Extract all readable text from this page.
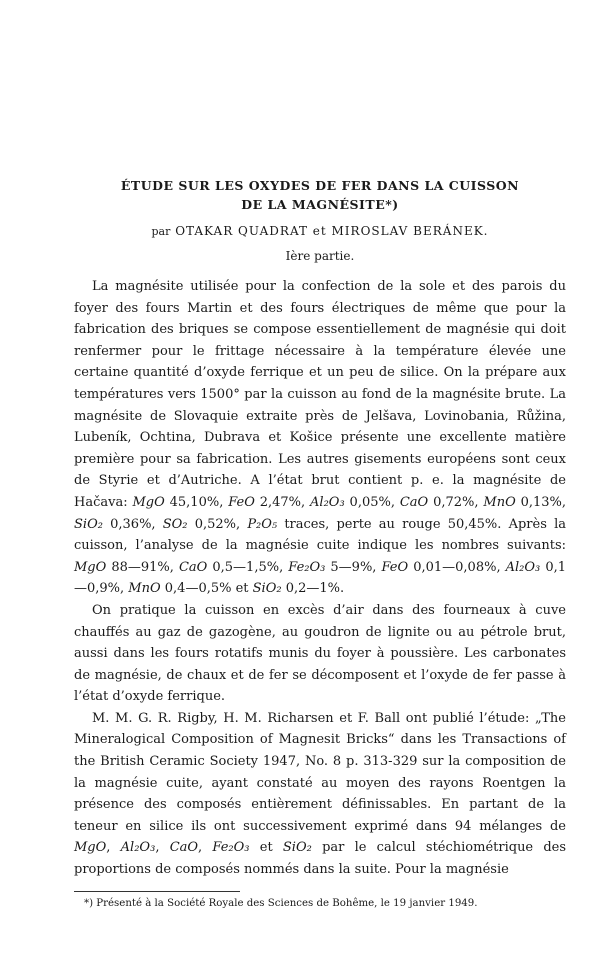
ÉTUDE SUR LES OXYDES DE FER DANS LA CUISSON
DE LA MAGNÉSITE*)
par OTAKAR QUADRAT et MIROSLAV BERÁNEK.
Ière partie.

La magnésite utilisée pour la confection de la sole et des parois du foyer des fours Martin et des fours électriques de même que pour la fabrication des briques se compose essentiellement de magnésie qui doit renfermer pour le frittage nécessaire à la température élevée une certaine quantité d’oxyde ferrique et un peu de silice. On la prépare aux températures vers 1500° par la cuisson au fond de la magnésite brute. La magnésite de Slovaquie extraite près de Jelšava, Lovinobania, Růžina, Lubeník, Ochtina, Dubrava et Košice présente une excellente matière première pour sa fabrication. Les autres gisements européens sont ceux de Styrie et d’Autriche. A l’état brut contient p. e. la magnésite de Hačava: MgO 45,10%, FeO 2,47%, Al₂O₃ 0,05%, CaO 0,72%, MnO 0,13%, SiO₂ 0,36%, SO₂ 0,52%, P₂O₅ traces, perte au rouge 50,45%. Après la cuisson, l’analyse de la magnésie cuite indique les nombres suivants: MgO 88—91%, CaO 0,5—1,5%, Fe₂O₃ 5—9%, FeO 0,01—0,08%, Al₂O₃ 0,1—0,9%, MnO 0,4—0,5% et SiO₂ 0,2—1%.

On pratique la cuisson en excès d’air dans des fourneaux à cuve chauffés au gaz de gazogène, au goudron de lignite ou au pétrole brut, aussi dans les fours rotatifs munis du foyer à poussière. Les carbonates de magnésie, de chaux et de fer se décomposent et l’oxyde de fer passe à l’état d’oxyde ferrique.

M. M. G. R. Rigby, H. M. Richarsen et F. Ball ont publié l’étude: „The Mineralogical Composition of Magnesit Bricks“ dans les Transactions of the British Ceramic Society 1947, No. 8 p. 313-329 sur la composition de la magnésie cuite, ayant constaté au moyen des rayons Roentgen la présence des composés entièrement définissables. En partant de la teneur en silice ils ont successivement exprimé dans 94 mélanges de MgO, Al₂O₃, CaO, Fe₂O₃ et SiO₂ par le calcul stéchiométrique des proportions de composés nommés dans la suite. Pour la magnésie

*) Présenté à la Société Royale des Sciences de Bohême, le 19 janvier 1949.
